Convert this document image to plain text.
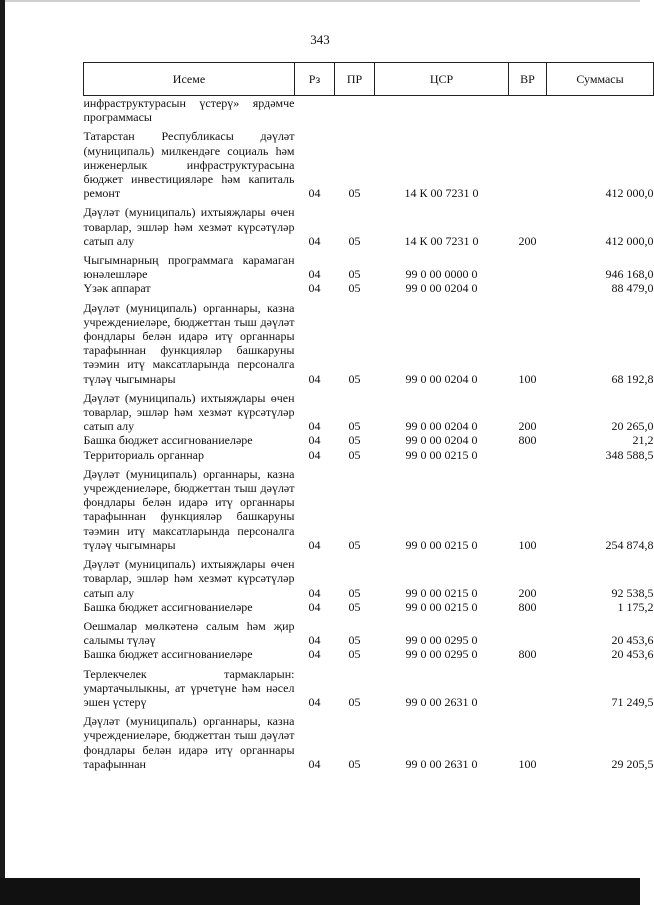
343
Исеме	Рз	ПР	ЦСР	ВР	Суммасы
инфраструктурасын үстерү» ярдәмче программасы					
Татарстан Республикасы дәүләт (муниципаль) милкендәге социаль һәм инженерлык инфраструктурасына бюджет инвестицияләре һәм капиталь ремонт	04	05	14 К 00 7231 0		412 000,0
Дәүләт (муниципаль) ихтыяҗлары өчен товарлар, эшләр һәм хезмәт күрсәтүләр сатып алу	04	05	14 К 00 7231 0	200	412 000,0
Чыгымнарның программага карамаган юнәлешләре	04	05	99 0 00 0000 0		946 168,0
Үзәк аппарат	04	05	99 0 00 0204 0		88 479,0
Дәүләт (муниципаль) органнары, казна учреждениеләре, бюджеттан тыш дәүләт фондлары белән идарә итү органнары тарафыннан функцияләр башкаруны тәэмин итү максатларында персоналга түләү чыгымнары	04	05	99 0 00 0204 0	100	68 192,8
Дәүләт (муниципаль) ихтыяҗлары өчен товарлар, эшләр һәм хезмәт күрсәтүләр сатып алу	04	05	99 0 00 0204 0	200	20 265,0
Башка бюджет ассигнованиеләре	04	05	99 0 00 0204 0	800	21,2
Территориаль органнар	04	05	99 0 00 0215 0		348 588,5
Дәүләт (муниципаль) органнары, казна учреждениеләре, бюджеттан тыш дәүләт фондлары белән идарә итү органнары тарафыннан функцияләр башкаруны тәэмин итү максатларында персоналга түләү чыгымнары	04	05	99 0 00 0215 0	100	254 874,8
Дәүләт (муниципаль) ихтыяҗлары өчен товарлар, эшләр һәм хезмәт күрсәтүләр сатып алу	04	05	99 0 00 0215 0	200	92 538,5
Башка бюджет ассигнованиеләре	04	05	99 0 00 0215 0	800	1 175,2
Оешмалар мөлкәтенә салым һәм җир салымы түләү	04	05	99 0 00 0295 0		20 453,6
Башка бюджет ассигнованиеләре	04	05	99 0 00 0295 0	800	20 453,6
Терлекчелек тармакларын: умартачылыкны, ат үрчетүне һәм нәсел эшен үстерү	04	05	99 0 00 2631 0		71 249,5
Дәүләт (муниципаль) органнары, казна учреждениеләре, бюджеттан тыш дәүләт фондлары белән идарә итү органнары тарафыннан	04	05	99 0 00 2631 0	100	29 205,5
